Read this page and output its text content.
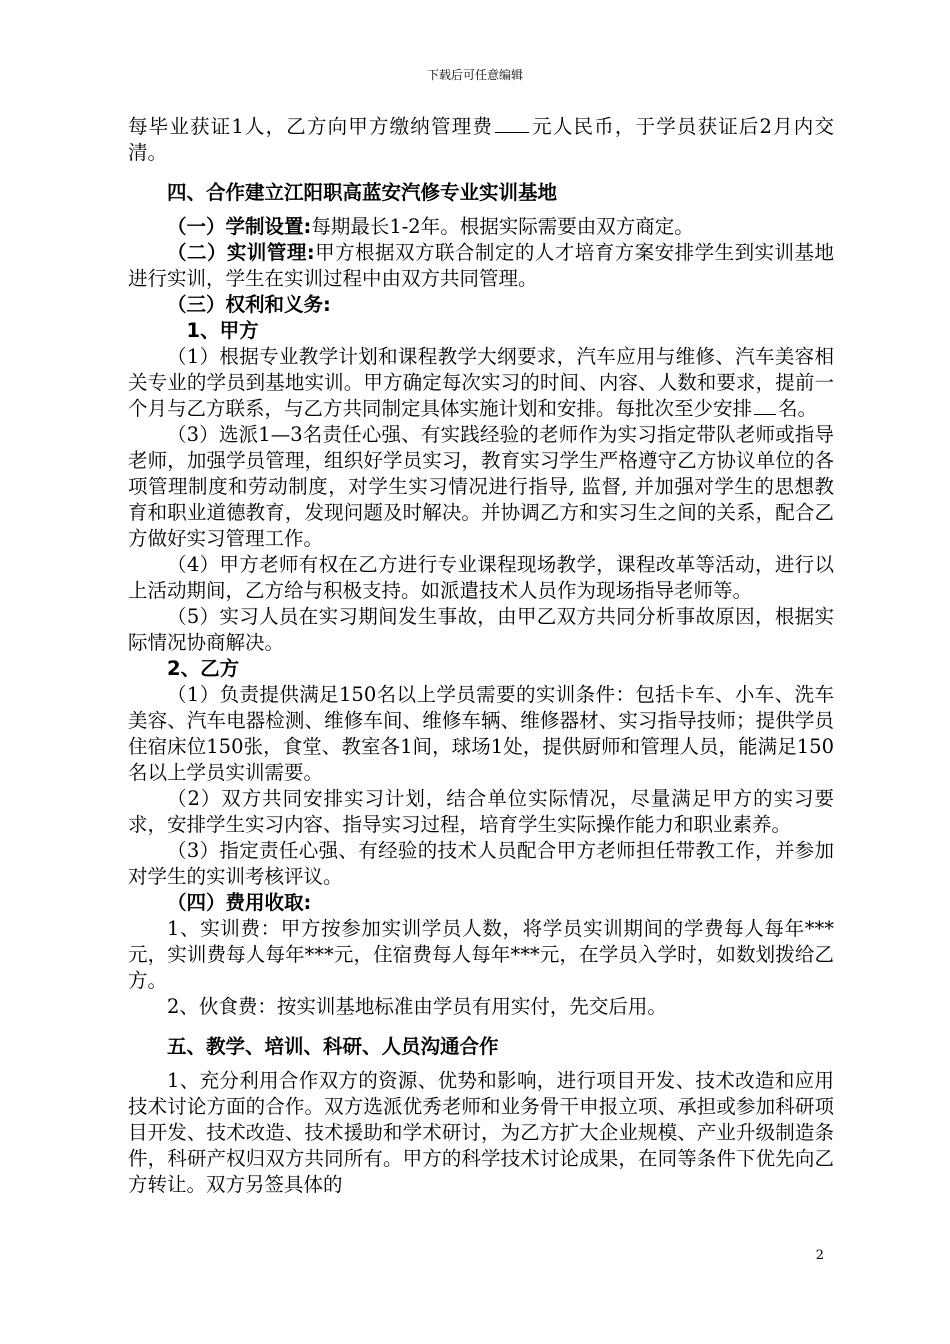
下载后可任意编辑

每毕业获证1人，乙方向甲方缴纳管理费 元人民币，于学员获证后2月内交清。

四、合作建立江阳职高蓝安汽修专业实训基地

（一）学制设置:每期最长1-2年。根据实际需要由双方商定。

（二）实训管理:甲方根据双方联合制定的人才培育方案安排学生到实训基地进行实训，学生在实训过程中由双方共同管理。

（三）权利和义务:
1、甲方

（1）根据专业教学计划和课程教学大纲要求，汽车应用与维修、汽车美容相关专业的学员到基地实训。甲方确定每次实习的时间、内容、人数和要求，提前一个月与乙方联系，与乙方共同制定具体实施计划和安排。每批次至少安排 名。

（3）选派1—3名责任心强、有实践经验的老师作为实习指定带队老师或指导老师，加强学员管理，组织好学员实习，教育实习学生严格遵守乙方协议单位的各项管理制度和劳动制度，对学生实习情况进行指导, 监督, 并加强对学生的思想教育和职业道德教育，发现问题及时解决。并协调乙方和实习生之间的关系，配合乙方做好实习管理工作。

（4）甲方老师有权在乙方进行专业课程现场教学，课程改革等活动，进行以上活动期间，乙方给与积极支持。如派遣技术人员作为现场指导老师等。

（5）实习人员在实习期间发生事故，由甲乙双方共同分析事故原因，根据实际情况协商解决。

2、乙方

（1）负责提供满足150名以上学员需要的实训条件：包括卡车、小车、洗车美容、汽车电器检测、维修车间、维修车辆、维修器材、实习指导技师；提供学员住宿床位150张，食堂、教室各1间，球场1处，提供厨师和管理人员，能满足150名以上学员实训需要。

（2）双方共同安排实习计划，结合单位实际情况，尽量满足甲方的实习要求，安排学生实习内容、指导实习过程，培育学生实际操作能力和职业素养。

（3）指定责任心强、有经验的技术人员配合甲方老师担任带教工作，并参加对学生的实训考核评议。

（四）费用收取:

1、实训费：甲方按参加实训学员人数，将学员实训期间的学费每人每年***元，实训费每人每年***元，住宿费每人每年***元，在学员入学时，如数划拨给乙方。

2、伙食费：按实训基地标准由学员有用实付，先交后用。

五、教学、培训、科研、人员沟通合作

1、充分利用合作双方的资源、优势和影响，进行项目开发、技术改造和应用技术讨论方面的合作。双方选派优秀老师和业务骨干申报立项、承担或参加科研项目开发、技术改造、技术援助和学术研讨，为乙方扩大企业规模、产业升级制造条件，科研产权归双方共同所有。甲方的科学技术讨论成果，在同等条件下优先向乙方转让。双方另签具体的

2
